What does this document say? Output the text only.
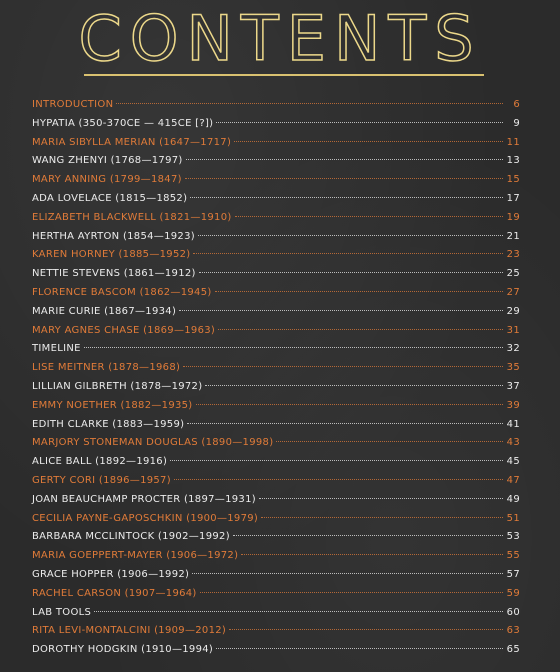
CONTENTS
INTRODUCTION	6
HYPATIA (350-370CE — 415CE [?])	9
MARIA SIBYLLA MERIAN (1647—1717)	11
WANG ZHENYI (1768—1797)	13
MARY ANNING (1799—1847)	15
ADA LOVELACE (1815—1852)	17
ELIZABETH BLACKWELL (1821—1910)	19
HERTHA AYRTON (1854—1923)	21
KAREN HORNEY (1885—1952)	23
NETTIE STEVENS (1861—1912)	25
FLORENCE BASCOM (1862—1945)	27
MARIE CURIE (1867—1934)	29
MARY AGNES CHASE (1869—1963)	31
TIMELINE	32
LISE MEITNER (1878—1968)	35
LILLIAN GILBRETH (1878—1972)	37
EMMY NOETHER (1882—1935)	39
EDITH CLARKE (1883—1959)	41
MARJORY STONEMAN DOUGLAS (1890—1998)	43
ALICE BALL (1892—1916)	45
GERTY CORI (1896—1957)	47
JOAN BEAUCHAMP PROCTER (1897—1931)	49
CECILIA PAYNE-GAPOSCHKIN (1900—1979)	51
BARBARA MCCLINTOCK (1902—1992)	53
MARIA GOEPPERT-MAYER (1906—1972)	55
GRACE HOPPER (1906—1992)	57
RACHEL CARSON (1907—1964)	59
LAB TOOLS	60
RITA LEVI-MONTALCINI (1909—2012)	63
DOROTHY HODGKIN (1910—1994)	65
